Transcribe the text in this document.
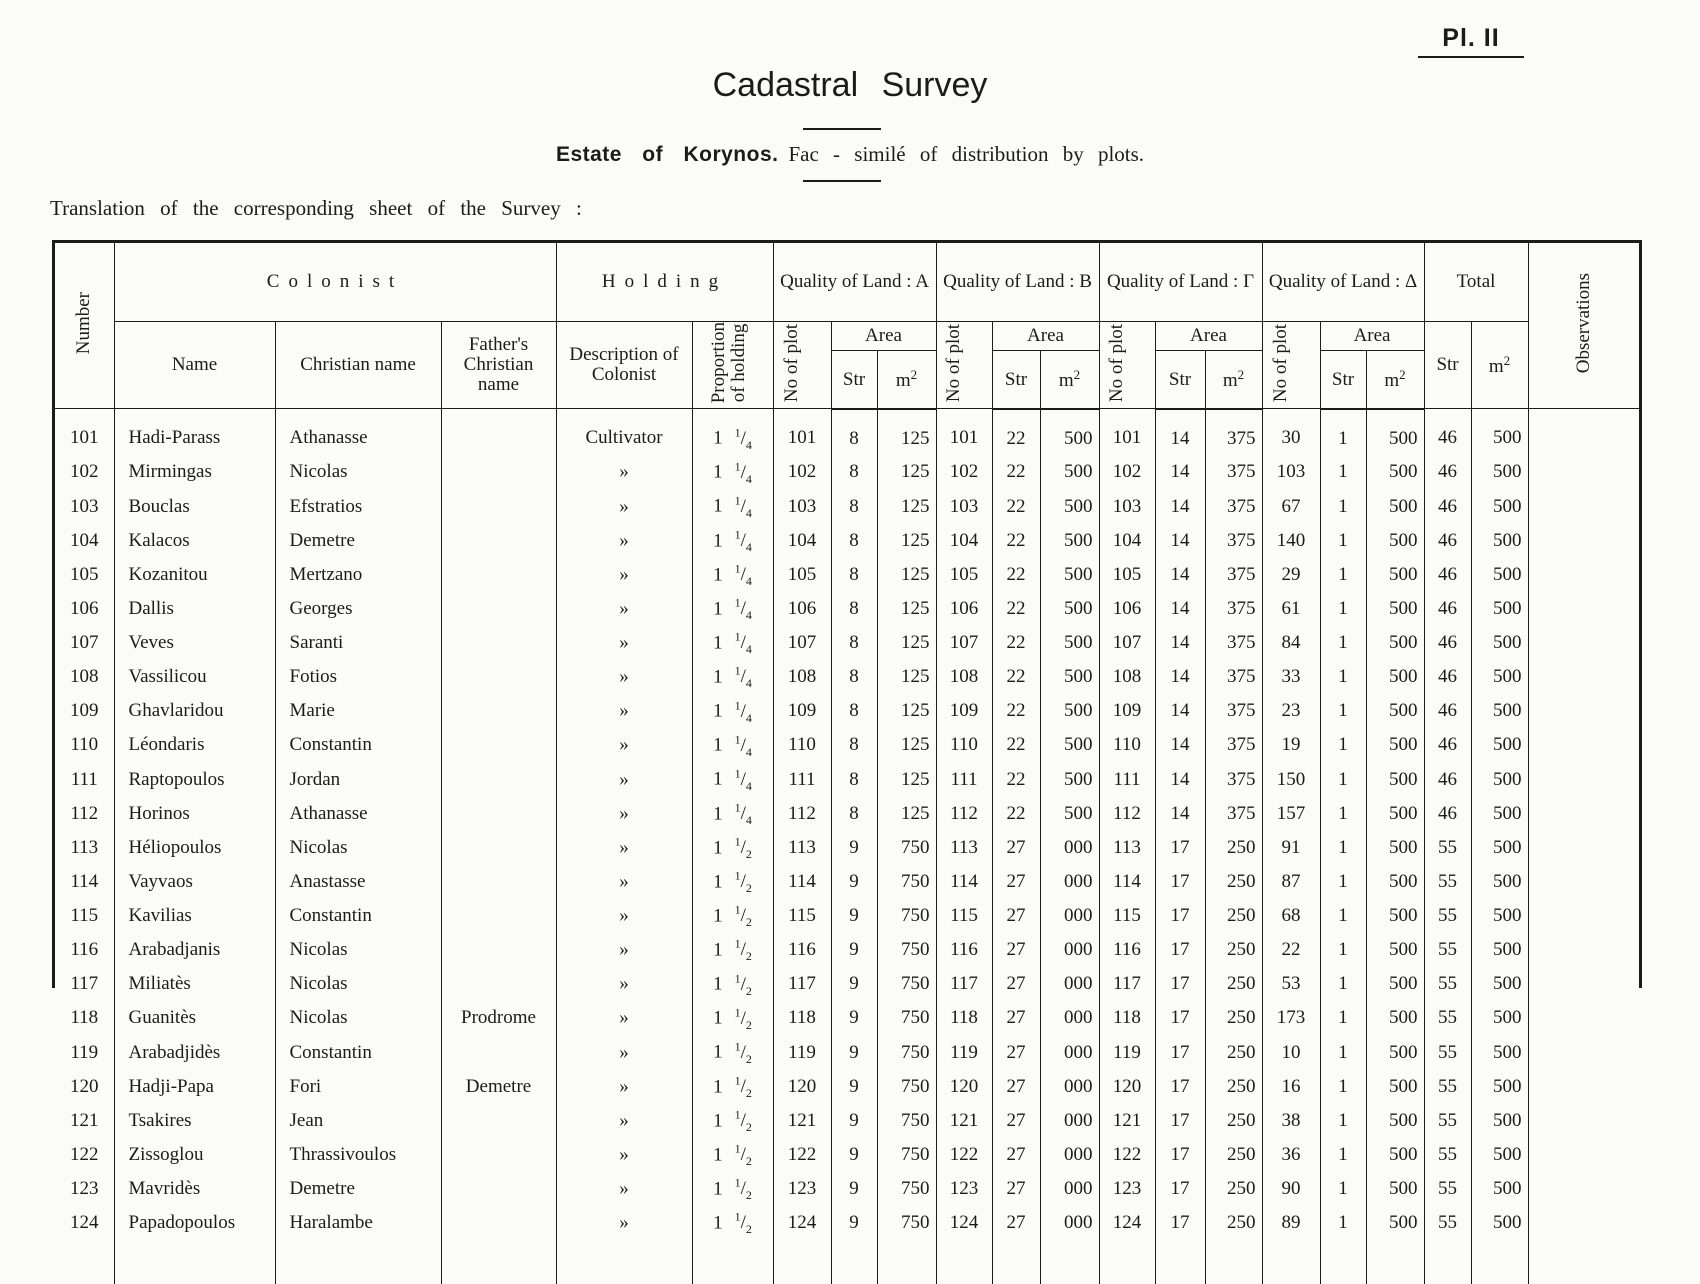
Pl. II
Cadastral Survey
Estate of Korynos. Fac - similé of distribution by plots.
Translation of the corresponding sheet of the Survey :
Number	Colonist			Holding		Quality of Land : A			Quality of Land : B			Quality of Land : Γ			Quality of Land : Δ			Total		Observations
	Name	Christian name	Father's Christian name	Description of Colonist	Proportion of holding	No of plot	Area		No of plot	Area		No of plot	Area		No of plot	Area		Str	$m^2$
							Str	$m^2$		Str	$m^2$		Str	$m^2$		Str	$m^2$
101	Hadi-Parass	Athanasse		Cultivator	1 $^1/_4$	101	8	125	101	22	500	101	14	375	30	1	500	46	500	
102	Mirmingas	Nicolas		»	1 $^1/_4$	102	8	125	102	22	500	102	14	375	103	1	500	46	500	
103	Bouclas	Efstratios		»	1 $^1/_4$	103	8	125	103	22	500	103	14	375	67	1	500	46	500	
104	Kalacos	Demetre		»	1 $^1/_4$	104	8	125	104	22	500	104	14	375	140	1	500	46	500	
105	Kozanitou	Mertzano		»	1 $^1/_4$	105	8	125	105	22	500	105	14	375	29	1	500	46	500	
106	Dallis	Georges		»	1 $^1/_4$	106	8	125	106	22	500	106	14	375	61	1	500	46	500	
107	Veves	Saranti		»	1 $^1/_4$	107	8	125	107	22	500	107	14	375	84	1	500	46	500	
108	Vassilicou	Fotios		»	1 $^1/_4$	108	8	125	108	22	500	108	14	375	33	1	500	46	500	
109	Ghavlaridou	Marie		»	1 $^1/_4$	109	8	125	109	22	500	109	14	375	23	1	500	46	500	
110	Léondaris	Constantin		»	1 $^1/_4$	110	8	125	110	22	500	110	14	375	19	1	500	46	500	
111	Raptopoulos	Jordan		»	1 $^1/_4$	111	8	125	111	22	500	111	14	375	150	1	500	46	500	
112	Horinos	Athanasse		»	1 $^1/_4$	112	8	125	112	22	500	112	14	375	157	1	500	46	500	
113	Héliopoulos	Nicolas		»	1 $^1/_2$	113	9	750	113	27	000	113	17	250	91	1	500	55	500	
114	Vayvaos	Anastasse		»	1 $^1/_2$	114	9	750	114	27	000	114	17	250	87	1	500	55	500	
115	Kavilias	Constantin		»	1 $^1/_2$	115	9	750	115	27	000	115	17	250	68	1	500	55	500	
116	Arabadjanis	Nicolas		»	1 $^1/_2$	116	9	750	116	27	000	116	17	250	22	1	500	55	500	
117	Miliatès	Nicolas		»	1 $^1/_2$	117	9	750	117	27	000	117	17	250	53	1	500	55	500	
118	Guanitès	Nicolas	Prodrome	»	1 $^1/_2$	118	9	750	118	27	000	118	17	250	173	1	500	55	500	
119	Arabadjidès	Constantin		»	1 $^1/_2$	119	9	750	119	27	000	119	17	250	10	1	500	55	500	
120	Hadji-Papa	Fori	Demetre	»	1 $^1/_2$	120	9	750	120	27	000	120	17	250	16	1	500	55	500	
121	Tsakires	Jean		»	1 $^1/_2$	121	9	750	121	27	000	121	17	250	38	1	500	55	500	
122	Zissoglou	Thrassivoulos		»	1 $^1/_2$	122	9	750	122	27	000	122	17	250	36	1	500	55	500	
123	Mavridès	Demetre		»	1 $^1/_2$	123	9	750	123	27	000	123	17	250	90	1	500	55	500	
124	Papadopoulos	Haralambe		»	1 $^1/_2$	124	9	750	124	27	000	124	17	250	89	1	500	55	500	
